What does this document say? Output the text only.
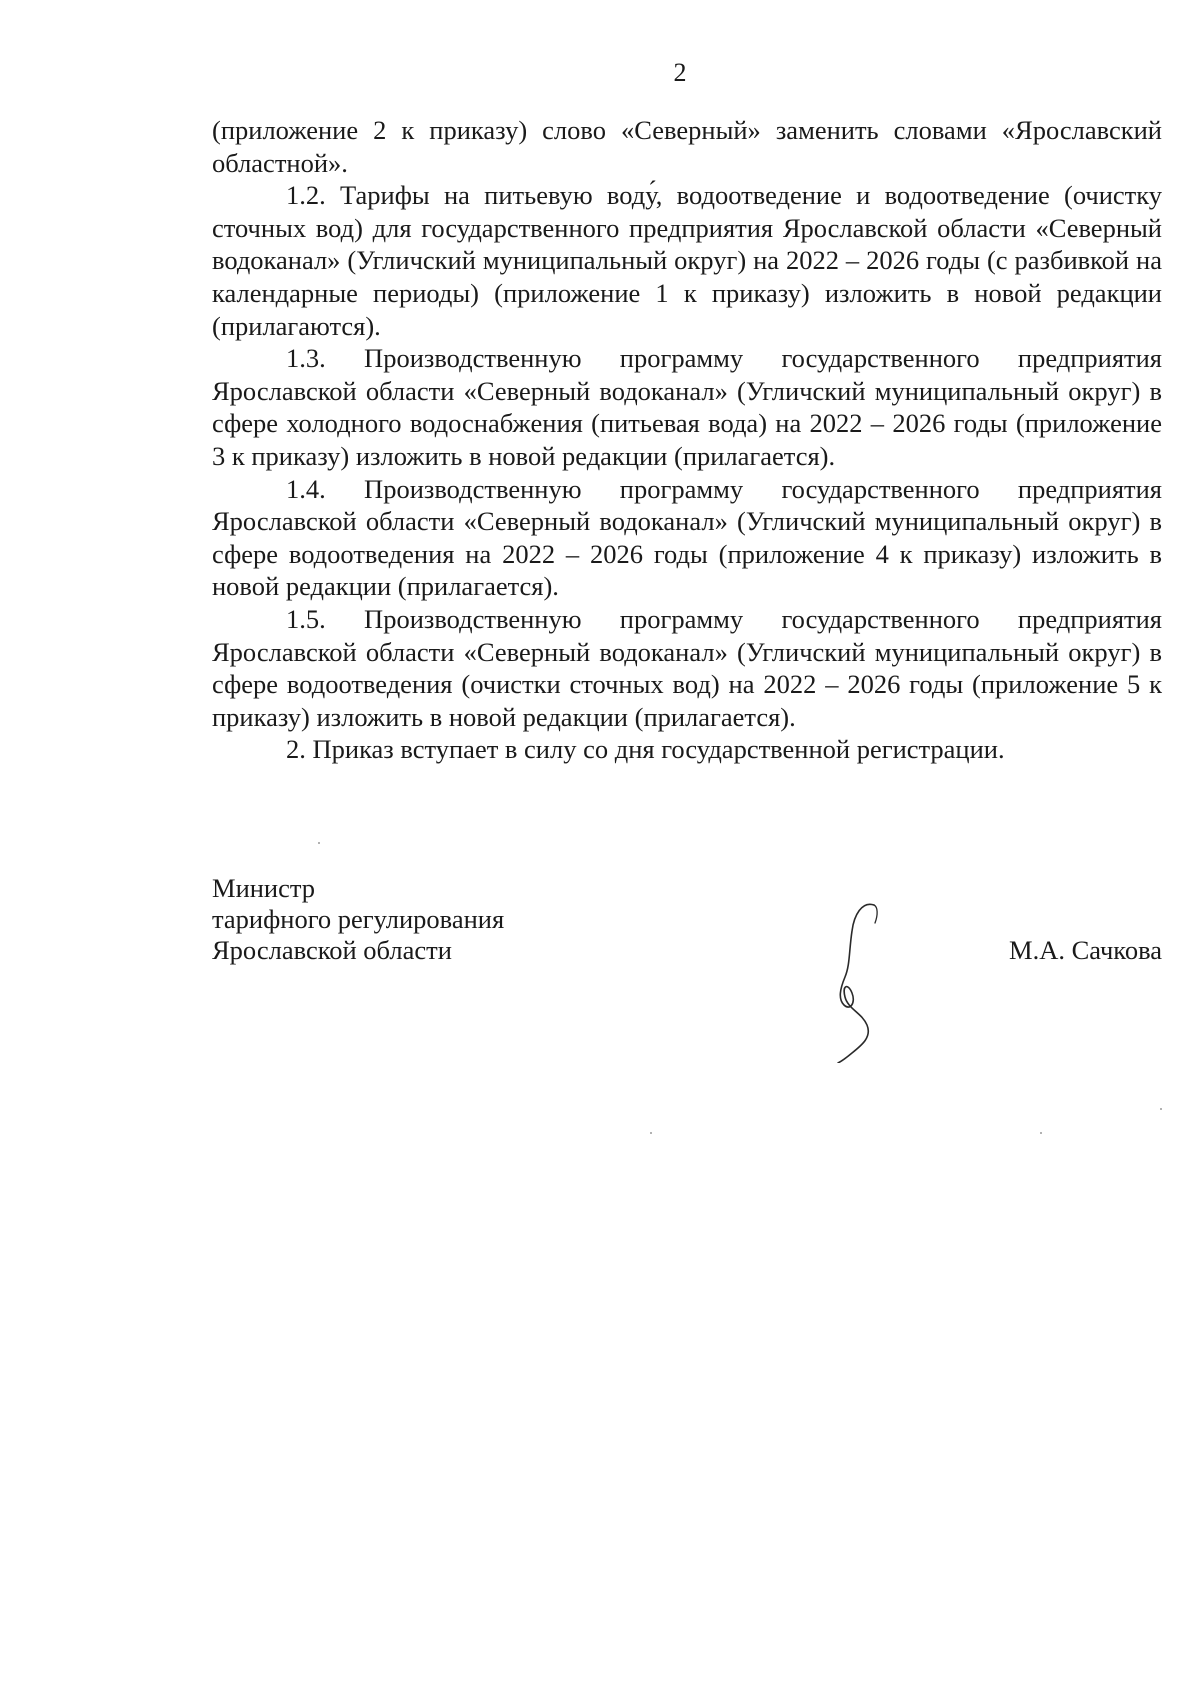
2

(приложение 2 к приказу) слово «Северный» заменить словами «Ярославский областной».

1.2. Тарифы на питьевую воду́, водоотведение и водоотведение (очистку сточных вод) для государственного предприятия Ярославской области «Северный водоканал» (Угличский муниципальный округ) на 2022 – 2026 годы (с разбивкой на календарные периоды) (приложение 1 к приказу) изложить в новой редакции (прилагаются).

1.3. Производственную программу государственного предприятия Ярославской области «Северный водоканал» (Угличский муниципальный округ) в сфере холодного водоснабжения (питьевая вода) на 2022 – 2026 годы (приложение 3 к приказу) изложить в новой редакции (прилагается).

1.4. Производственную программу государственного предприятия Ярославской области «Северный водоканал» (Угличский муниципальный округ) в сфере водоотведения на 2022 – 2026 годы (приложение 4 к приказу) изложить в новой редакции (прилагается).

1.5. Производственную программу государственного предприятия Ярославской области «Северный водоканал» (Угличский муниципальный округ) в сфере водоотведения (очистки сточных вод) на 2022 – 2026 годы (приложение 5 к приказу) изложить в новой редакции (прилагается).

2. Приказ вступает в силу со дня государственной регистрации.

Министр
тарифного регулирования
Ярославской области	М.А. Сачкова
